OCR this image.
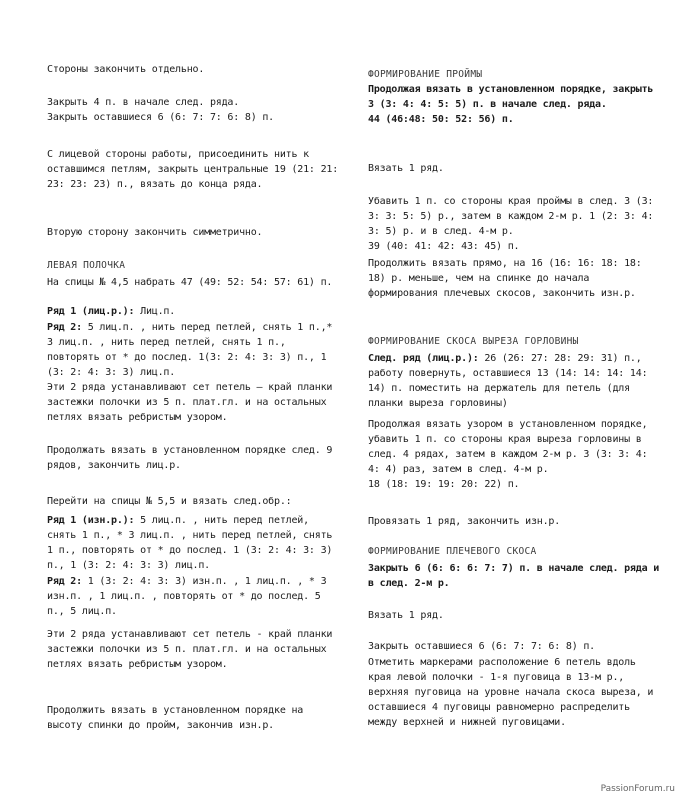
Стороны закончить отдельно.

Закрыть 4 п. в начале след. ряда.
Закрыть оставшиеся 6 (6: 7: 7: 6: 8) п.

С лицевой стороны работы, присоединить нить к оставшимся петлям, закрыть центральные 19 (21: 21: 23: 23: 23) п., вязать до конца ряда.

Вторую сторону закончить симметрично.

ЛЕВАЯ ПОЛОЧКА

На спицы № 4,5 набрать 47 (49: 52: 54: 57: 61) п.

Ряд 1 (лиц.р.): Лиц.п.

Ряд 2: 5 лиц.п. , нить перед петлей, снять 1 п.,* 3 лиц.п. , нить перед петлей, снять 1 п., повторять от * до послед. 1(3: 2: 4: 3: 3) п., 1 (3: 2: 4: 3: 3) лиц.п.

Эти 2 ряда устанавливают сет петель – край планки застежки полочки из 5 п. плат.гл. и на остальных петлях вязать ребристым узором.

Продолжать вязать в установленном порядке след. 9 рядов, закончить лиц.р.

Перейти на спицы № 5,5 и вязать след.обр.:

Ряд 1 (изн.р.): 5 лиц.п. , нить перед петлей, снять 1 п., * 3 лиц.п. , нить перед петлей, снять 1 п., повторять от * до послед. 1 (3: 2: 4: 3: 3) п., 1 (3: 2: 4: 3: 3) лиц.п.

Ряд 2: 1 (3: 2: 4: 3: 3) изн.п. , 1 лиц.п. , * 3 изн.п. , 1 лиц.п. , повторять от * до послед. 5 п., 5 лиц.п.

Эти 2 ряда устанавливают сет петель - край планки застежки полочки из 5 п. плат.гл. и на остальных петлях вязать ребристым узором.

Продолжить вязать в установленном порядке на высоту спинки до пройм, закончив изн.р.

ФОРМИРОВАНИЕ ПРОЙМЫ

Продолжая вязать в установленном порядке, закрыть 3 (3: 4: 4: 5: 5) п. в начале след. ряда.
44 (46:48: 50: 52: 56) п.

Вязать 1 ряд.

Убавить 1 п. со стороны края проймы в след. 3 (3: 3: 3: 5: 5) р., затем в каждом 2-м р. 1 (2: 3: 4: 3: 5) р. и в след. 4-м р.
39 (40: 41: 42: 43: 45) п.

Продолжить вязать прямо, на 16 (16: 16: 18: 18: 18) р. меньше, чем на спинке до начала формирования плечевых скосов, закончить изн.р.

ФОРМИРОВАНИЕ СКОСА ВЫРЕЗА ГОРЛОВИНЫ

След. ряд (лиц.р.): 26 (26: 27: 28: 29: 31) п., работу повернуть, оставшиеся 13 (14: 14: 14: 14: 14) п. поместить на держатель для петель (для планки выреза горловины)

Продолжая вязать узором в установленном порядке, убавить 1 п. со стороны края выреза горловины в след. 4 рядах, затем в каждом 2-м р. 3 (3: 3: 4: 4: 4) раз, затем в след. 4-м р.
18 (18: 19: 19: 20: 22) п.

Провязать 1 ряд, закончить изн.р.

ФОРМИРОВАНИЕ ПЛЕЧЕВОГО СКОСА

Закрыть 6 (6: 6: 6: 7: 7) п. в начале след. ряда и в след. 2-м р.

Вязать 1 ряд.

Закрыть оставшиеся 6 (6: 7: 7: 6: 8) п.

Отметить маркерами расположение 6 петель вдоль края левой полочки - 1-я пуговица в 13-м р., верхняя пуговица на уровне начала скоса выреза, и оставшиеся 4 пуговицы равномерно распределить между верхней и нижней пуговицами.

PassionForum.ru
